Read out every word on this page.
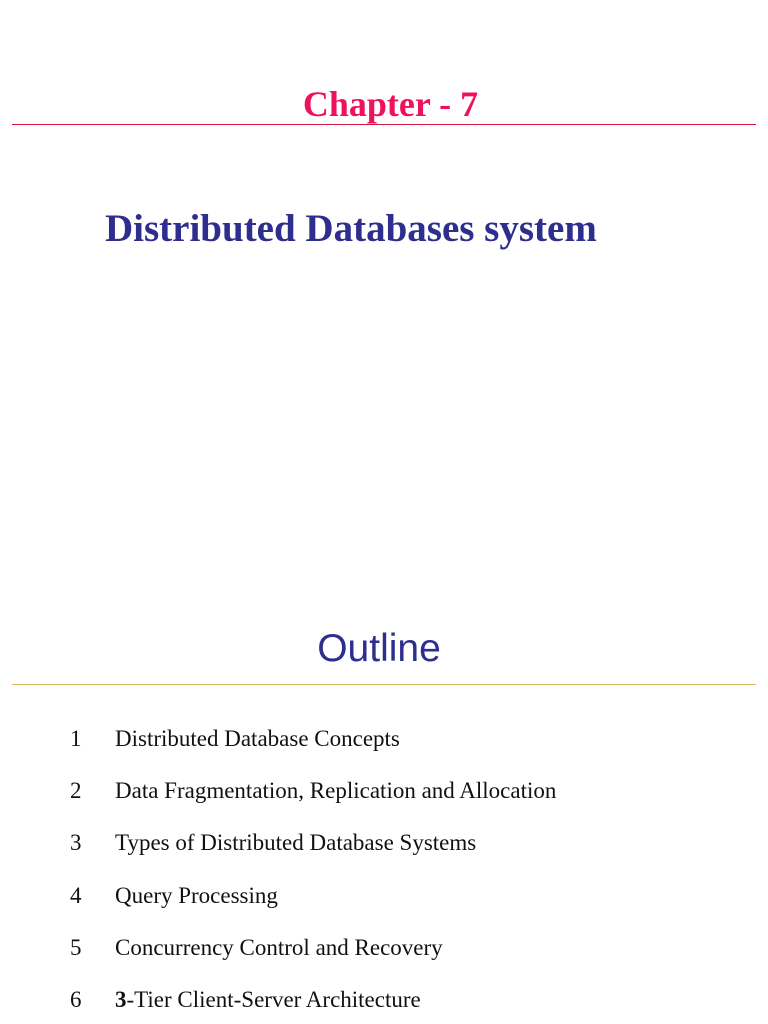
Chapter - 7
Distributed Databases system
Outline
1 Distributed Database Concepts
2 Data Fragmentation, Replication and Allocation
3 Types of Distributed Database Systems
4 Query Processing
5 Concurrency Control and Recovery
6 3-Tier Client-Server Architecture
